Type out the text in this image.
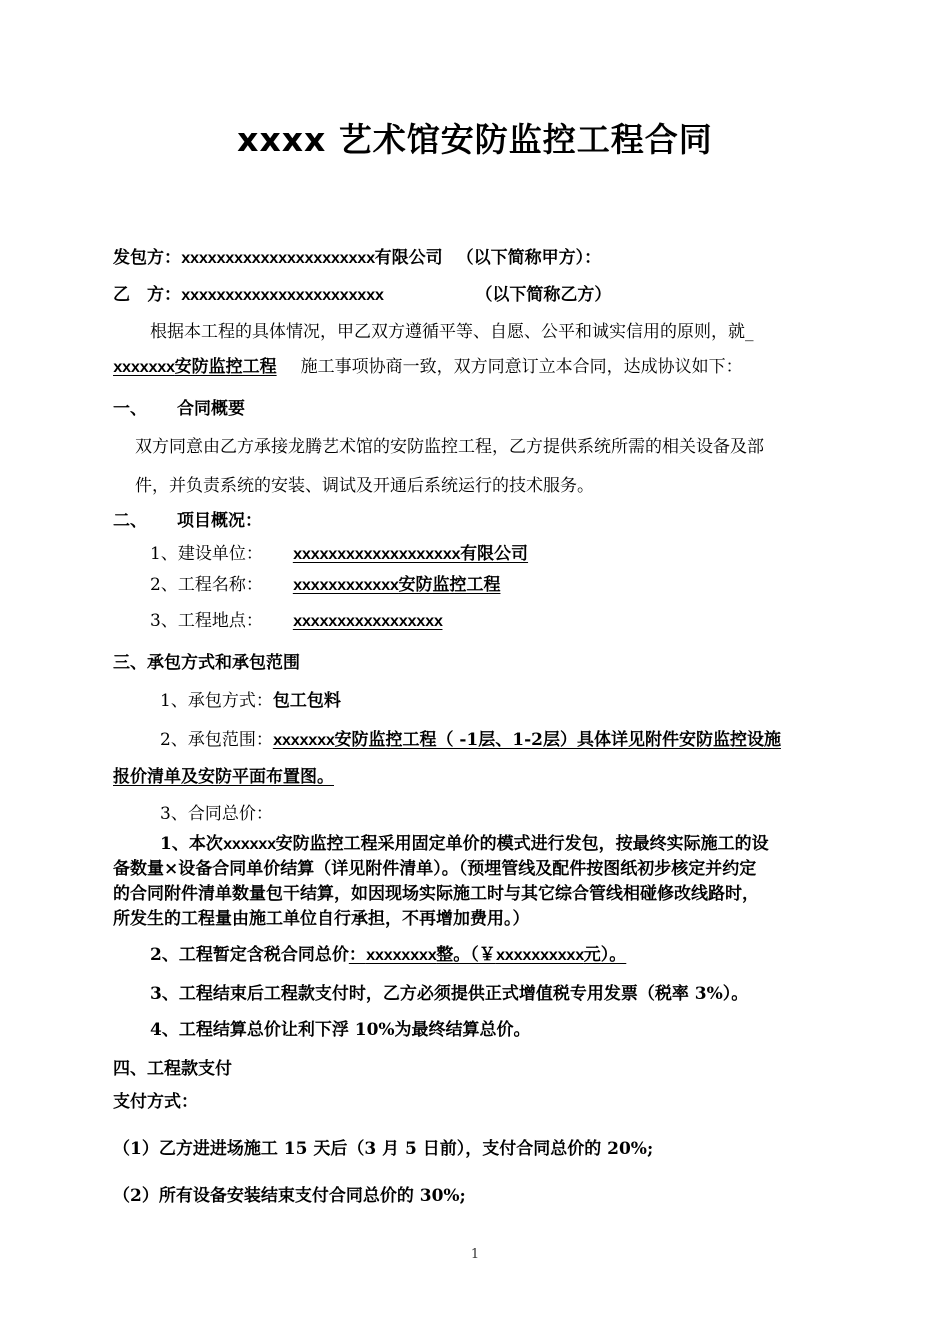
xxxx 艺术馆安防监控工程合同
发包方：xxxxxxxxxxxxxxxxxxxxxx有限公司 （以下简称甲方）：
乙　方：xxxxxxxxxxxxxxxxxxxxxxx	（以下简称乙方）
根据本工程的具体情况，甲乙双方遵循平等、自愿、公平和诚实信用的原则，就_
xxxxxxx安防监控工程 施工事项协商一致，双方同意订立本合同，达成协议如下：
一、 合同概要
双方同意由乙方承接龙腾艺术馆的安防监控工程，乙方提供系统所需的相关设备及部
件，并负责系统的安装、调试及开通后系统运行的技术服务。
二、 项目概况：
1、建设单位： xxxxxxxxxxxxxxxxxxx有限公司
2、工程名称： xxxxxxxxxxxx安防监控工程
3、工程地点： xxxxxxxxxxxxxxxxx
三、承包方式和承包范围
1、承包方式：包工包料
2、承包范围：xxxxxxx安防监控工程（ -1层、1-2层）具体详见附件安防监控设施
报价清单及安防平面布置图。
3、合同总价：
1、本次xxxxxx安防监控工程采用固定单价的模式进行发包，按最终实际施工的设
备数量×设备合同单价结算（详见附件清单）。（预埋管线及配件按图纸初步核定并约定
的合同附件清单数量包干结算，如因现场实际施工时与其它综合管线相碰修改线路时，
所发生的工程量由施工单位自行承担，不再增加费用。）
2、工程暂定含税合同总价：xxxxxxxx整。（￥xxxxxxxxxx元）。
3、工程结束后工程款支付时，乙方必须提供正式增值税专用发票（税率 3%）。
4、工程结算总价让利下浮 10%为最终结算总价。
四、工程款支付
支付方式：
（1）乙方进进场施工 15 天后（3 月 5 日前），支付合同总价的 20%;
（2）所有设备安装结束支付合同总价的 30%;
1
